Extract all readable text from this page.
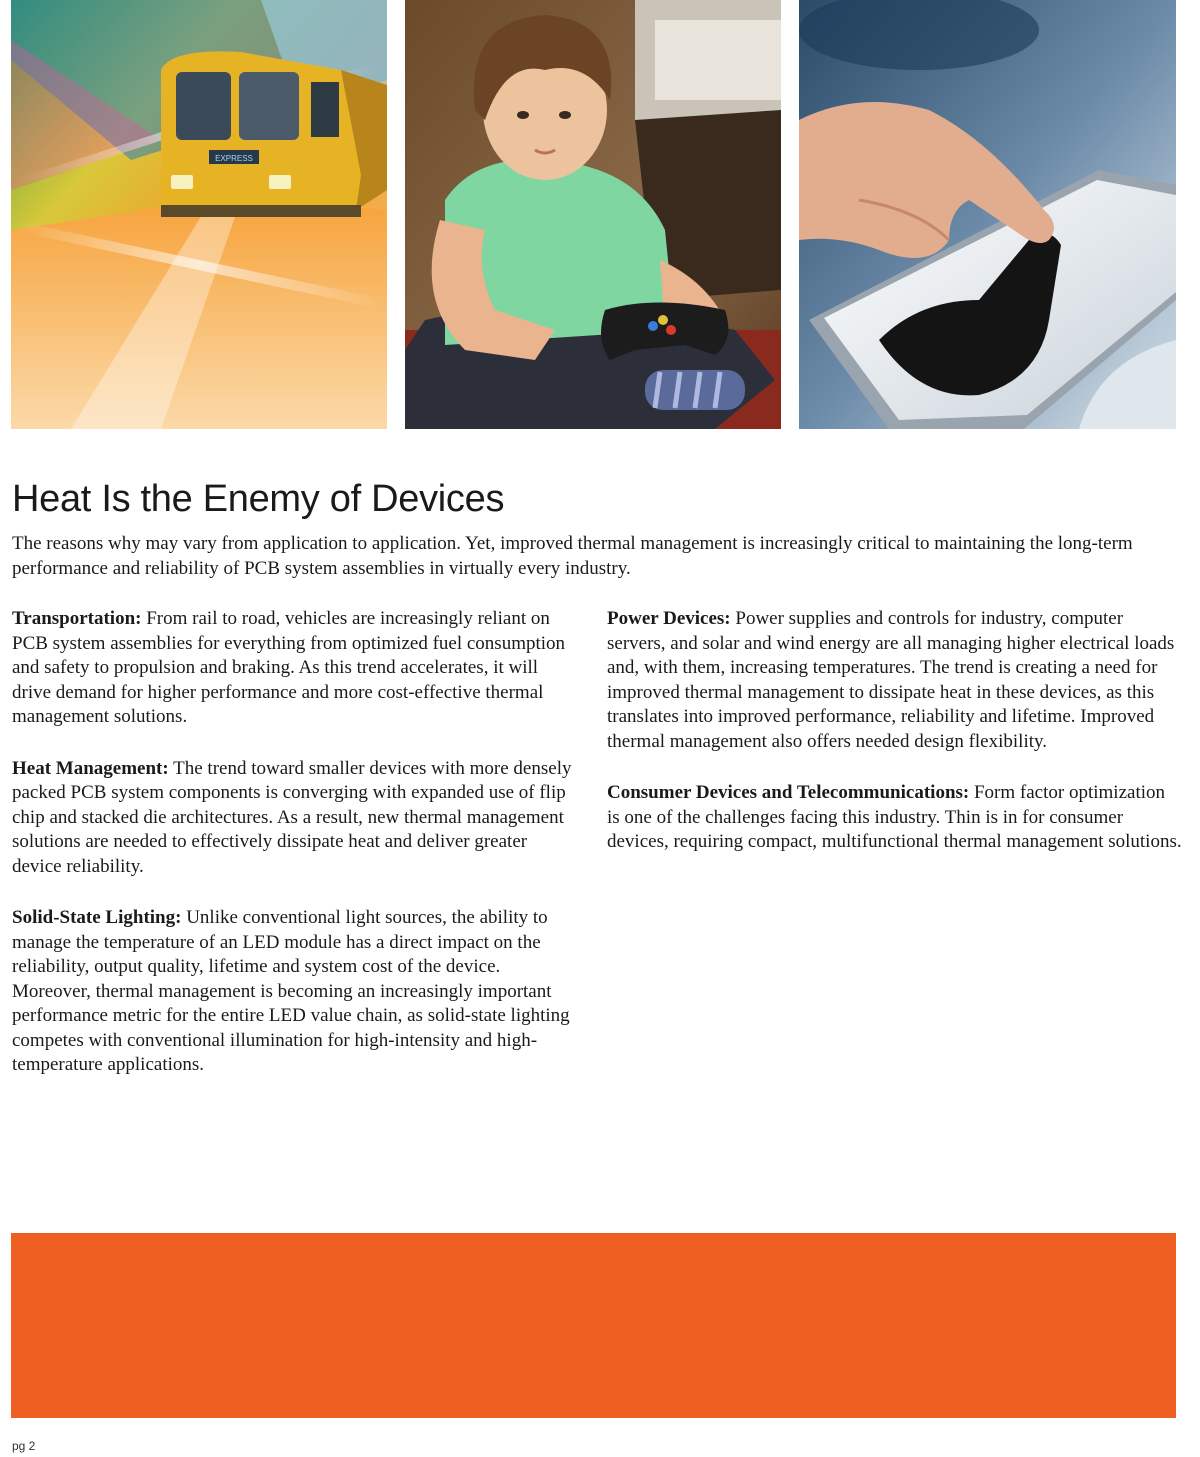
EXPRESS
Heat Is the Enemy of Devices

The reasons why may vary from application to application. Yet, improved thermal management is increasingly critical to maintaining the long-term performance and reliability of PCB system assemblies in virtually every industry.

Transportation: From rail to road, vehicles are increasingly reliant on PCB system assemblies for everything from optimized fuel consumption and safety to propulsion and braking. As this trend accelerates, it will drive demand for higher performance and more cost-effective thermal management solutions.

Heat Management: The trend toward smaller devices with more densely packed PCB system components is converging with expanded use of flip chip and stacked die architectures. As a result, new thermal management solutions are needed to effectively dissipate heat and deliver greater device reliability.

Solid-State Lighting: Unlike conventional light sources, the ability to manage the temperature of an LED module has a direct impact on the reliability, output quality, lifetime and system cost of the device. Moreover, thermal management is becoming an increasingly important performance metric for the entire LED value chain, as solid-state lighting competes with conventional illumination for high-intensity and high-temperature applications.

Power Devices: Power supplies and controls for industry, computer servers, and solar and wind energy are all managing higher electrical loads and, with them, increasing temperatures. The trend is creating a need for improved thermal management to dissipate heat in these devices, as this translates into improved performance, reliability and lifetime. Improved thermal management also offers needed design flexibility.

Consumer Devices and Telecommunications: Form factor optimization is one of the challenges facing this industry. Thin is in for consumer devices, requiring compact, multifunctional thermal management solutions.

pg 2
